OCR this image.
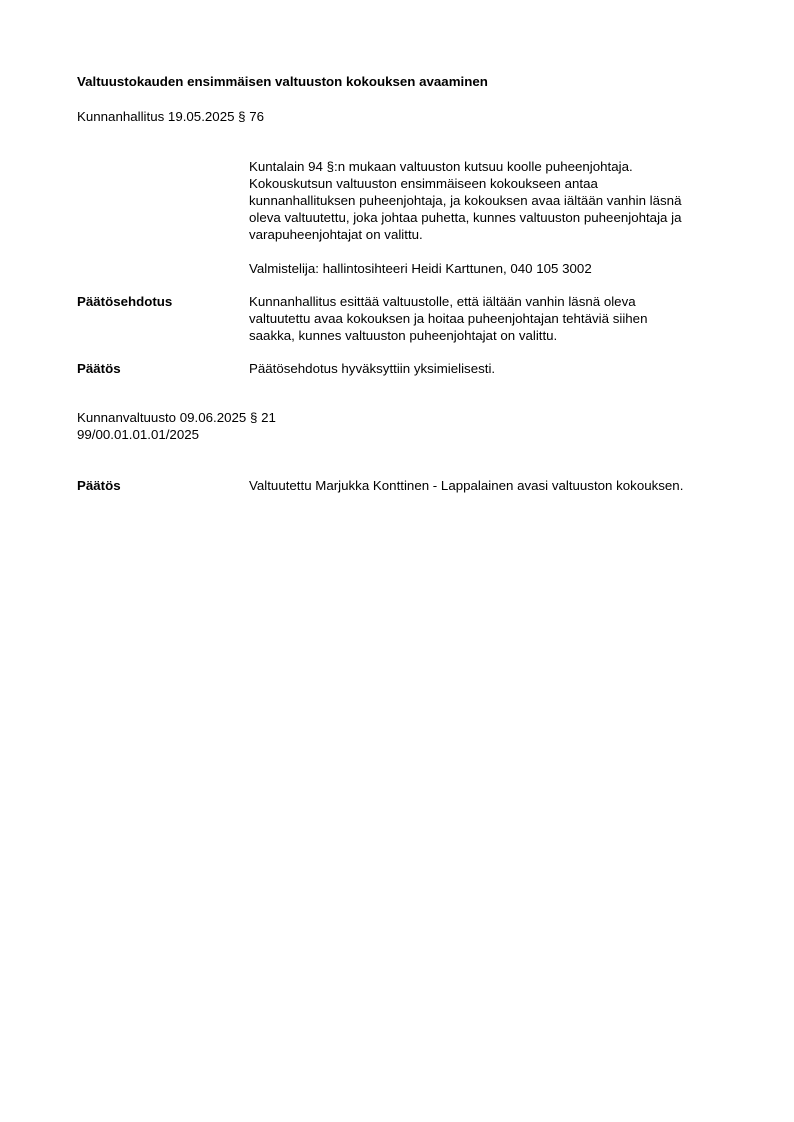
Valtuustokauden ensimmäisen valtuuston kokouksen avaaminen
Kunnanhallitus 19.05.2025 § 76
Kuntalain 94 §:n mukaan valtuuston kutsuu koolle puheenjohtaja.
Kokouskutsun valtuuston ensimmäiseen kokoukseen antaa
kunnanhallituksen puheenjohtaja, ja kokouksen avaa iältään vanhin läsnä
oleva valtuutettu, joka johtaa puhetta, kunnes valtuuston puheenjohtaja ja
varapuheenjohtajat on valittu.
Valmistelija: hallintosihteeri Heidi Karttunen, 040 105 3002
Päätösehdotus	Kunnanhallitus esittää valtuustolle, että iältään vanhin läsnä oleva
valtuutettu avaa kokouksen ja hoitaa puheenjohtajan tehtäviä siihen
saakka, kunnes valtuuston puheenjohtajat on valittu.
Päätös	Päätösehdotus hyväksyttiin yksimielisesti.
Kunnanvaltuusto 09.06.2025 § 21
99/00.01.01.01/2025
Päätös	Valtuutettu Marjukka Konttinen - Lappalainen avasi valtuuston kokouksen.
